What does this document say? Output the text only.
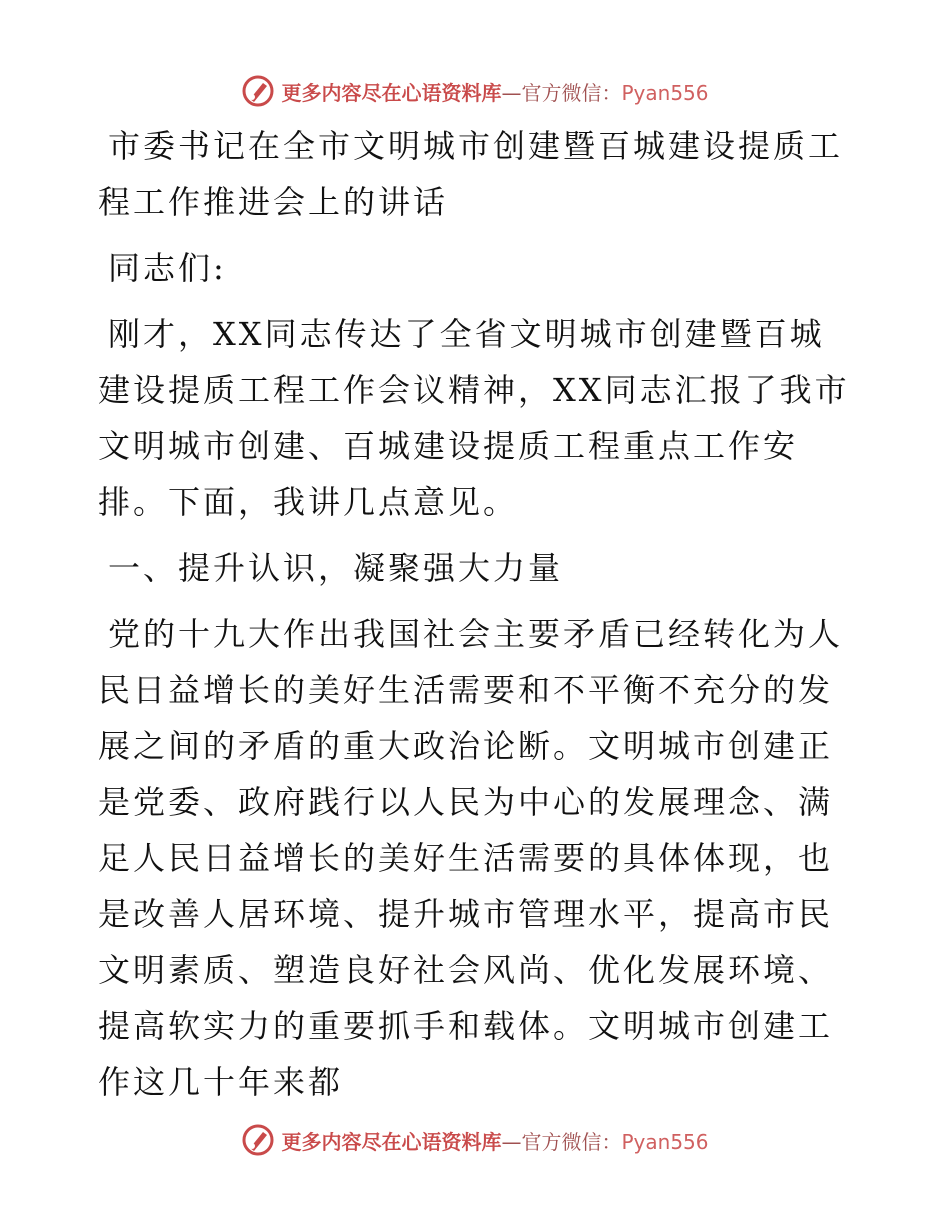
更多内容尽在心语资料库—官方微信：Pyan556

市委书记在全市文明城市创建暨百城建设提质工程工作推进会上的讲话

同志们:

刚才，XX同志传达了全省文明城市创建暨百城建设提质工程工作会议精神，XX同志汇报了我市文明城市创建、百城建设提质工程重点工作安排。下面，我讲几点意见。

一、提升认识，凝聚强大力量

党的十九大作出我国社会主要矛盾已经转化为人民日益增长的美好生活需要和不平衡不充分的发展之间的矛盾的重大政治论断。文明城市创建正是党委、政府践行以人民为中心的发展理念、满足人民日益增长的美好生活需要的具体体现，也是改善人居环境、提升城市管理水平，提高市民文明素质、塑造良好社会风尚、优化发展环境、提高软实力的重要抓手和载体。文明城市创建工作这几十年来都

更多内容尽在心语资料库—官方微信：Pyan556
